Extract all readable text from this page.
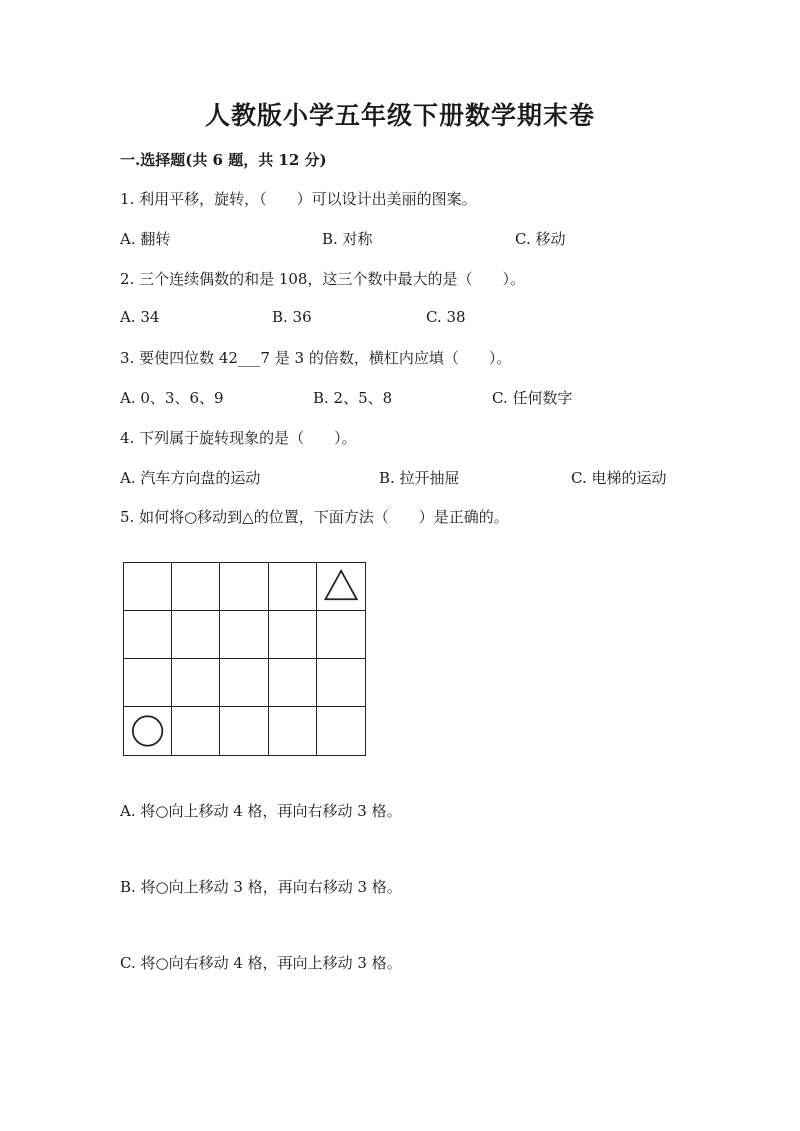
人教版小学五年级下册数学期末卷
一.选择题(共 6 题，共 12 分)
1. 利用平移，旋转，（　　）可以设计出美丽的图案。
A. 翻转	B. 对称	C. 移动
2. 三个连续偶数的和是 108，这三个数中最大的是（　　）。
A. 34	B. 36	C. 38
3. 要使四位数 42___7 是 3 的倍数，横杠内应填（　　）。
A. 0、3、6、9	B. 2、5、8	C. 任何数字
4. 下列属于旋转现象的是（　　）。
A. 汽车方向盘的运动	B. 拉开抽屉	C. 电梯的运动
5. 如何将○移动到△的位置，下面方法（　　）是正确的。
A. 将○向上移动 4 格，再向右移动 3 格。
B. 将○向上移动 3 格，再向右移动 3 格。
C. 将○向右移动 4 格，再向上移动 3 格。
